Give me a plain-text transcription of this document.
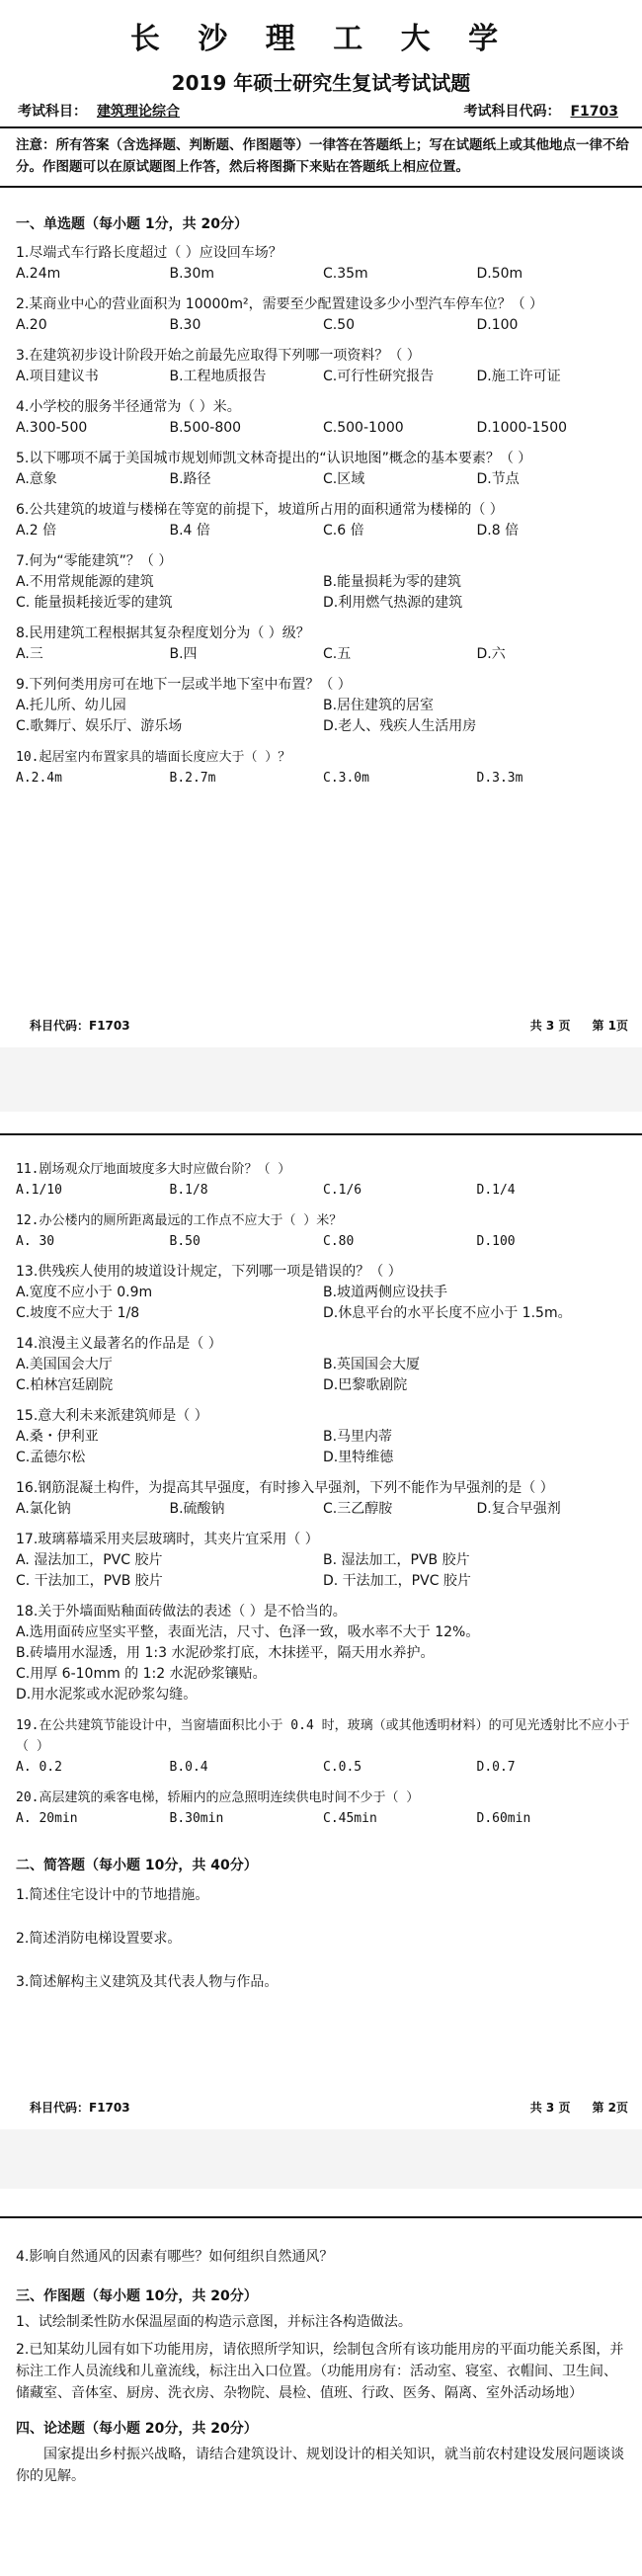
长 沙 理 工 大 学
2019 年硕士研究生复试考试试题
考试科目： 建筑理论综合	考试科目代码： F1703
注意：所有答案（含选择题、判断题、作图题等）一律答在答题纸上；写在试题纸上或其他地点一律不给分。作图题可以在原试题图上作答，然后将图撕下来贴在答题纸上相应位置。
一、单选题（每小题 1分，共 20分）
1.尽端式车行路长度超过（ ）应设回车场？
A.24m	B.30m	C.35m	D.50m
2.某商业中心的营业面积为 10000m²，需要至少配置建设多少小型汽车停车位？（ ）
A.20	B.30	C.50	D.100
3.在建筑初步设计阶段开始之前最先应取得下列哪一项资料？（ ）
A.项目建议书	B.工程地质报告	C.可行性研究报告	D.施工许可证
4.小学校的服务半径通常为（ ）米。
A.300-500	B.500-800	C.500-1000	D.1000-1500
5.以下哪项不属于美国城市规划师凯文林奇提出的“认识地图”概念的基本要素？（ ）
A.意象	B.路径	C.区域	D.节点
6.公共建筑的坡道与楼梯在等宽的前提下，坡道所占用的面积通常为楼梯的（ ）
A.2 倍	B.4 倍	C.6 倍	D.8 倍
7.何为“零能建筑”？（ ）
A.不用常规能源的建筑	B.能量损耗为零的建筑
C. 能量损耗接近零的建筑	D.利用燃气热源的建筑
8.民用建筑工程根据其复杂程度划分为（ ）级？
A.三	B.四	C.五	D.六
9.下列何类用房可在地下一层或半地下室中布置？（ ）
A.托儿所、幼儿园	B.居住建筑的居室
C.歌舞厅、娱乐厅、游乐场	D.老人、残疾人生活用房
10.起居室内布置家具的墙面长度应大于（ ）？
A.2.4m	B.2.7m	C.3.0m	D.3.3m
科目代码：F1703	共 3 页 第 1页
11.剧场观众厅地面坡度多大时应做台阶？（ ）
A.1/10	B.1/8	C.1/6	D.1/4
12.办公楼内的厕所距离最远的工作点不应大于（ ）米？
A. 30	B.50	C.80	D.100
13.供残疾人使用的坡道设计规定，下列哪一项是错误的？（ ）
A.宽度不应小于 0.9m	B.坡道两侧应设扶手
C.坡度不应大于 1/8	D.休息平台的水平长度不应小于 1.5m。
14.浪漫主义最著名的作品是（ ）
A.美国国会大厅	B.英国国会大厦
C.柏林宫廷剧院	D.巴黎歌剧院
15.意大利未来派建筑师是（ ）
A.桑・伊利亚	B.马里内蒂
C.孟德尔松	D.里特维德
16.钢筋混凝土构件，为提高其早强度，有时掺入早强剂，下列不能作为早强剂的是（ ）
A.氯化钠	B.硫酸钠	C.三乙醇胺	D.复合早强剂
17.玻璃幕墙采用夹层玻璃时，其夹片宜采用（ ）
A. 湿法加工，PVC 胶片	B. 湿法加工，PVB 胶片
C. 干法加工，PVB 胶片	D. 干法加工，PVC 胶片
18.关于外墙面贴釉面砖做法的表述（ ）是不恰当的。
A.选用面砖应坚实平整，表面光洁，尺寸、色泽一致，吸水率不大于 12%。
B.砖墙用水湿透，用 1:3 水泥砂浆打底，木抹搓平，隔天用水养护。
C.用厚 6-10mm 的 1:2 水泥砂浆镶贴。
D.用水泥浆或水泥砂浆勾缝。
19.在公共建筑节能设计中，当窗墙面积比小于 0.4 时，玻璃（或其他透明材料）的可见光透射比不应小于（ ）
A. 0.2	B.0.4	C.0.5	D.0.7
20.高层建筑的乘客电梯，轿厢内的应急照明连续供电时间不少于（ ）
A. 20min	B.30min	C.45min	D.60min
二、简答题（每小题 10分，共 40分）
1.简述住宅设计中的节地措施。
2.简述消防电梯设置要求。
3.简述解构主义建筑及其代表人物与作品。
科目代码：F1703	共 3 页 第 2页
4.影响自然通风的因素有哪些？如何组织自然通风？
三、作图题（每小题 10分，共 20分）
1、试绘制柔性防水保温屋面的构造示意图，并标注各构造做法。
2.已知某幼儿园有如下功能用房，请依照所学知识，绘制包含所有该功能用房的平面功能关系图，并标注工作人员流线和儿童流线，标注出入口位置。（功能用房有：活动室、寝室、衣帽间、卫生间、储藏室、音体室、厨房、洗衣房、杂物院、晨检、值班、行政、医务、隔离、室外活动场地）
四、论述题（每小题 20分，共 20分）
国家提出乡村振兴战略，请结合建筑设计、规划设计的相关知识，就当前农村建设发展问题谈谈你的见解。
